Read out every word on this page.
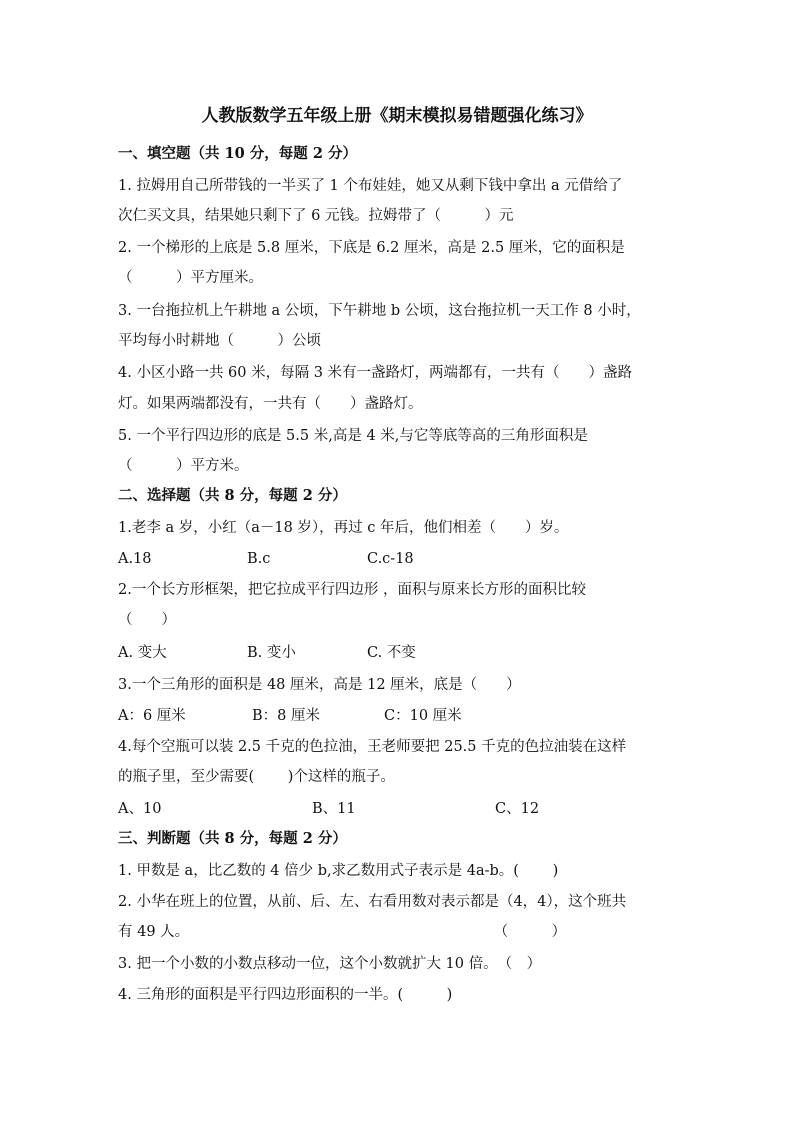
人教版数学五年级上册《期末模拟易错题强化练习》
一、填空题（共 10 分，每题 2 分）
1. 拉姆用自己所带钱的一半买了 1 个布娃娃，她又从剩下钱中拿出 a 元借给了
次仁买文具，结果她只剩下了 6 元钱。拉姆带了（　　　）元
2. 一个梯形的上底是 5.8 厘米，下底是 6.2 厘米，高是 2.5 厘米，它的面积是
（　　　）平方厘米。
3. 一台拖拉机上午耕地 a 公顷，下午耕地 b 公顷，这台拖拉机一天工作 8 小时，
平均每小时耕地（　　　）公顷
4. 小区小路一共 60 米，每隔 3 米有一盏路灯，两端都有，一共有（　　）盏路
灯。如果两端都没有，一共有（　　）盏路灯。
5. 一个平行四边形的底是 5.5 米,高是 4 米,与它等底等高的三角形面积是
（　　　）平方米。
二、选择题（共 8 分，每题 2 分）
1.老李 a 岁，小红（a－18 岁），再过 c 年后，他们相差（　　）岁。
A.18	B.c	C.c-18
2.一个长方形框架，把它拉成平行四边形 ，面积与原来长方形的面积比较
（　　）
A. 变大	B. 变小	C. 不变
3.一个三角形的面积是 48 厘米，高是 12 厘米，底是（　　）
A：6 厘米	B：8 厘米	C：10 厘米
4.每个空瓶可以装 2.5 千克的色拉油，王老师要把 25.5 千克的色拉油装在这样
的瓶子里，至少需要(　　 )个这样的瓶子。
A、10	B、11	C、12
三、判断题（共 8 分，每题 2 分）
1. 甲数是 a，比乙数的 4 倍少 b,求乙数用式子表示是 4a-b。(　　 )
2. 小华在班上的位置，从前、后、左、右看用数对表示都是（4，4），这个班共
有 49 人。　　　　　　　　　　　　　　　　　　　　　　（　　　）
3. 把一个小数的小数点移动一位，这个小数就扩大 10 倍。　（　）
4. 三角形的面积是平行四边形面积的一半。(　　　)
